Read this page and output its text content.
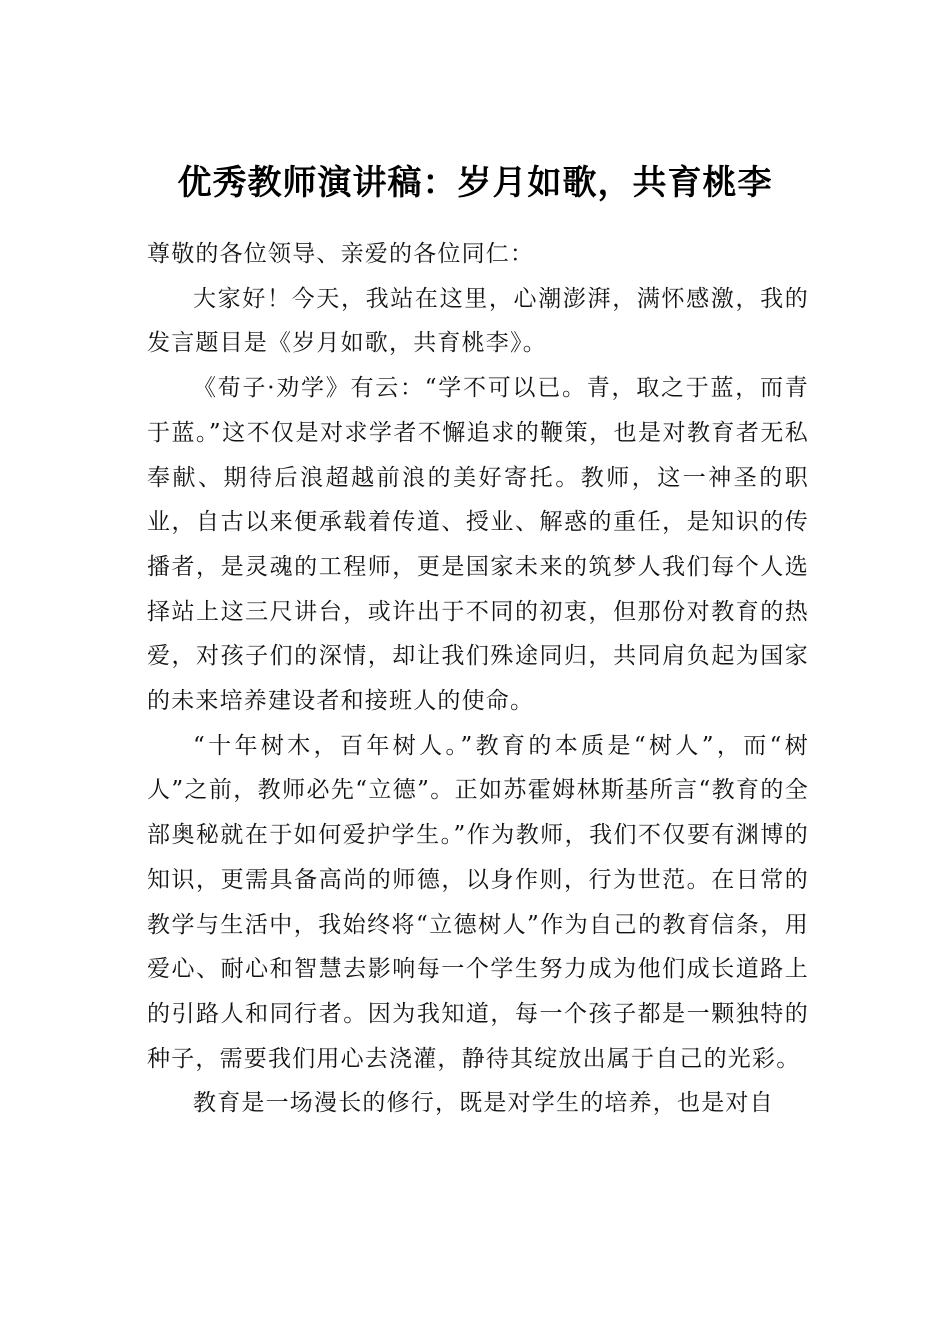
优秀教师演讲稿：岁月如歌，共育桃李

尊敬的各位领导、亲爱的各位同仁：

大家好！今天，我站在这里，心潮澎湃，满怀感激，我的发言题目是《岁月如歌，共育桃李》。

《荀子·劝学》有云：“学不可以已。青，取之于蓝，而青于蓝。”这不仅是对求学者不懈追求的鞭策，也是对教育者无私奉献、期待后浪超越前浪的美好寄托。教师，这一神圣的职业，自古以来便承载着传道、授业、解惑的重任，是知识的传播者，是灵魂的工程师，更是国家未来的筑梦人我们每个人选择站上这三尺讲台，或许出于不同的初衷，但那份对教育的热爱，对孩子们的深情，却让我们殊途同归，共同肩负起为国家的未来培养建设者和接班人的使命。

“十年树木，百年树人。”教育的本质是“树人”，而“树人”之前，教师必先“立德”。正如苏霍姆林斯基所言“教育的全部奥秘就在于如何爱护学生。”作为教师，我们不仅要有渊博的知识，更需具备高尚的师德，以身作则，行为世范。在日常的教学与生活中，我始终将“立德树人”作为自己的教育信条，用爱心、耐心和智慧去影响每一个学生努力成为他们成长道路上的引路人和同行者。因为我知道，每一个孩子都是一颗独特的种子，需要我们用心去浇灌，静待其绽放出属于自己的光彩。

教育是一场漫长的修行，既是对学生的培养，也是对自
